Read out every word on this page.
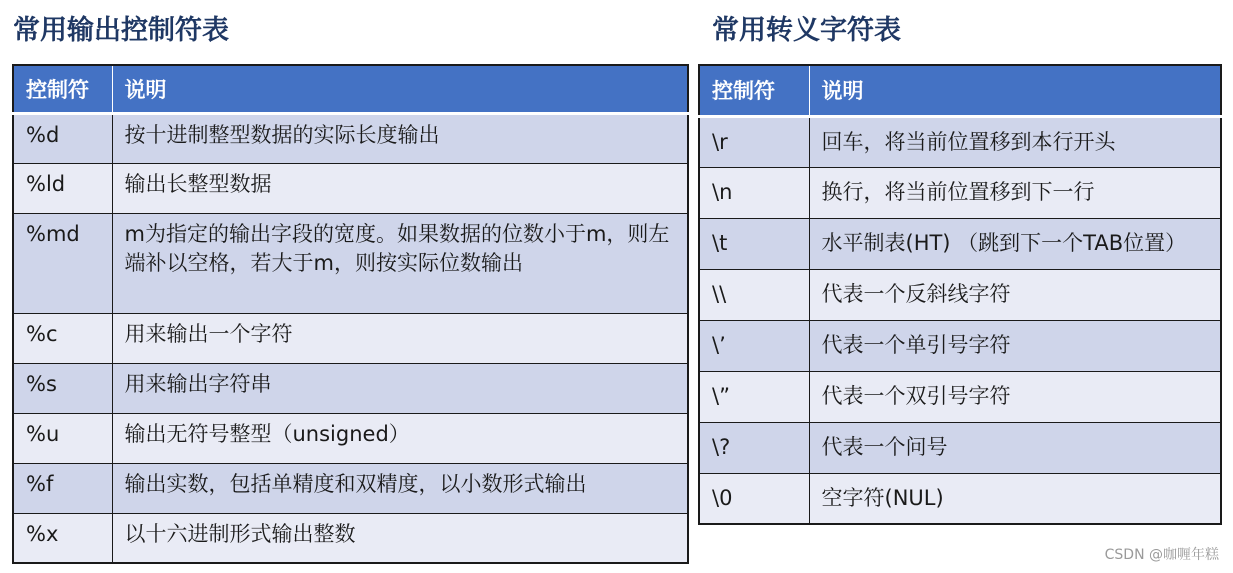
常用输出控制符表	常用转义字符表
控制符	说明
%d	按十进制整型数据的实际长度输出
%ld	输出长整型数据
%md	m为指定的输出字段的宽度。如果数据的位数小于m，则左端补以空格，若大于m，则按实际位数输出
%c	用来输出一个字符
%s	用来输出字符串
%u	输出无符号整型（unsigned）
%f	输出实数，包括单精度和双精度，以小数形式输出
%x	以十六进制形式输出整数
控制符	说明
\r	回车，将当前位置移到本行开头
\n	换行，将当前位置移到下一行
\t	水平制表(HT) （跳到下一个TAB位置）
\\	代表一个反斜线字符
\’	代表一个单引号字符
\”	代表一个双引号字符
\?	代表一个问号
\0	空字符(NUL)
CSDN @咖喱年糕
